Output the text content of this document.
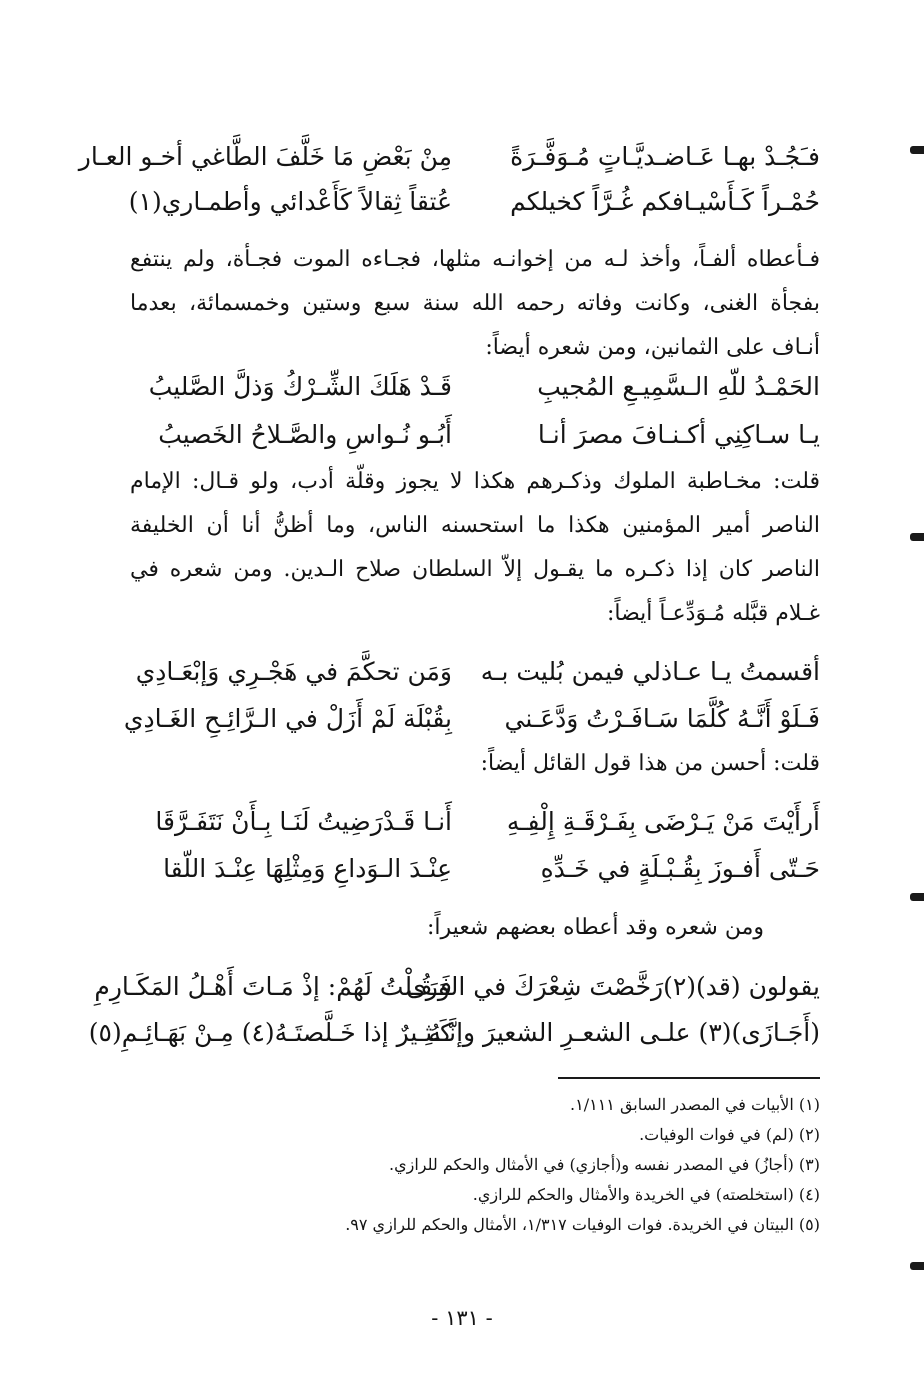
فـَجُـدْ بهـا عَـاضـديَّـاتٍ مُـوَفَّـرَةً
مِنْ بَعْضِ مَا خَلَّفَ الطَّاغي أخـو العـار
حُمْـراً كَـأَسْيـافكم غُـرَّاً كخيلكم
عُتقاً ثِقالاً كَأَعْدائي وأطمـاري(١)
فـأعطاه ألفـاً، وأخذ لـه من إخوانـه مثلها، فجـاءه الموت فجـأة، ولم ينتفع بفجأة الغنى، وكانت وفاته رحمه الله سنة سبع وستين وخمسمائة، بعدما أنـاف على الثمانين، ومن شعره أيضاً:
الحَمْـدُ للّهِ الـسَّمِيـعِ المُجيبِ
قَـدْ هَلَكَ الشِّـرْكُ وَذلَّ الصَّليبُ
يـا سـاكِنِي أكـنـافَ مصرَ أنـا
أَبُـو نُـواسِ والصَّـلاحُ الخَصيبُ
قلت: مخـاطبة الملوك وذكـرهم هكذا لا يجوز وقلّة أدب، ولو قـال: الإمام الناصر أمير المؤمنين هكذا ما استحسنه الناس، وما أظنُّ أنا أن الخليفة الناصر كان إذا ذكـره ما يقـول إلاّ السلطان صلاح الـدين. ومن شعره في غـلام قبَّله مُـوَدِّعـاً أيضاً:
أقسمتُ يـا عـاذلي فيمن بُليت بـه
وَمَن تحكَّمَ في هَجْـرِي وَإبْعَـادِي
فَـلَوْ أَنَّـهُ كُلَّمَا سَـافَـرْتُ وَدَّعَـني
بِقُبْلَة لَمْ أَزَلْ في الـرَّائِـحِ الغَـادِي
قلت: أحسن من هذا قول القائل أيضاً:
أَرأَيْتَ مَنْ يَـرْضَى بِفَـرْقَـةِ إِلْفِـهِ
أَنـا قَـدْرَضِيتُ لَنَـا بِـأَنْ نَتَفَـرَّقَا
حَـتّى أَفـوزَ بِقُـبْـلَةٍ في خَـدِّهِ
عِنْـدَ الـوَداعِ وَمِثْلِهَا عِنْـدَ اللّقا
ومن شعره وقد أعطاه بعضهم شعيراً:
يقولون (قد)(٢)رَخَّصْتَ شِعْرَكَ في الوَرَى
فَـقُـلْتُ لَهُمْ: إذْ مَـاتَ أَهْـلُ المَكَـارِمِ
(أَجَـازَى)(٣) علـى الشعـرِ الشعيرَ وإنَّـهُ
كَـثِـيرٌ إذا خَـلَّصتَـهُ(٤) مِـنْ بَهَـائِـمِ(٥)
(١) الأبيات في المصدر السابق ١/١١١.
(٢) (لم) في فوات الوفيات.
(٣) (أجازُ) في المصدر نفسه و(أجازي) في الأمثال والحكم للرازي.
(٤) (استخلصته) في الخريدة والأمثال والحكم للرازي.
(٥) البيتان في الخريدة. فوات الوفيات ١/٣١٧، الأمثال والحكم للرازي ٩٧.
- ١٣١ -
